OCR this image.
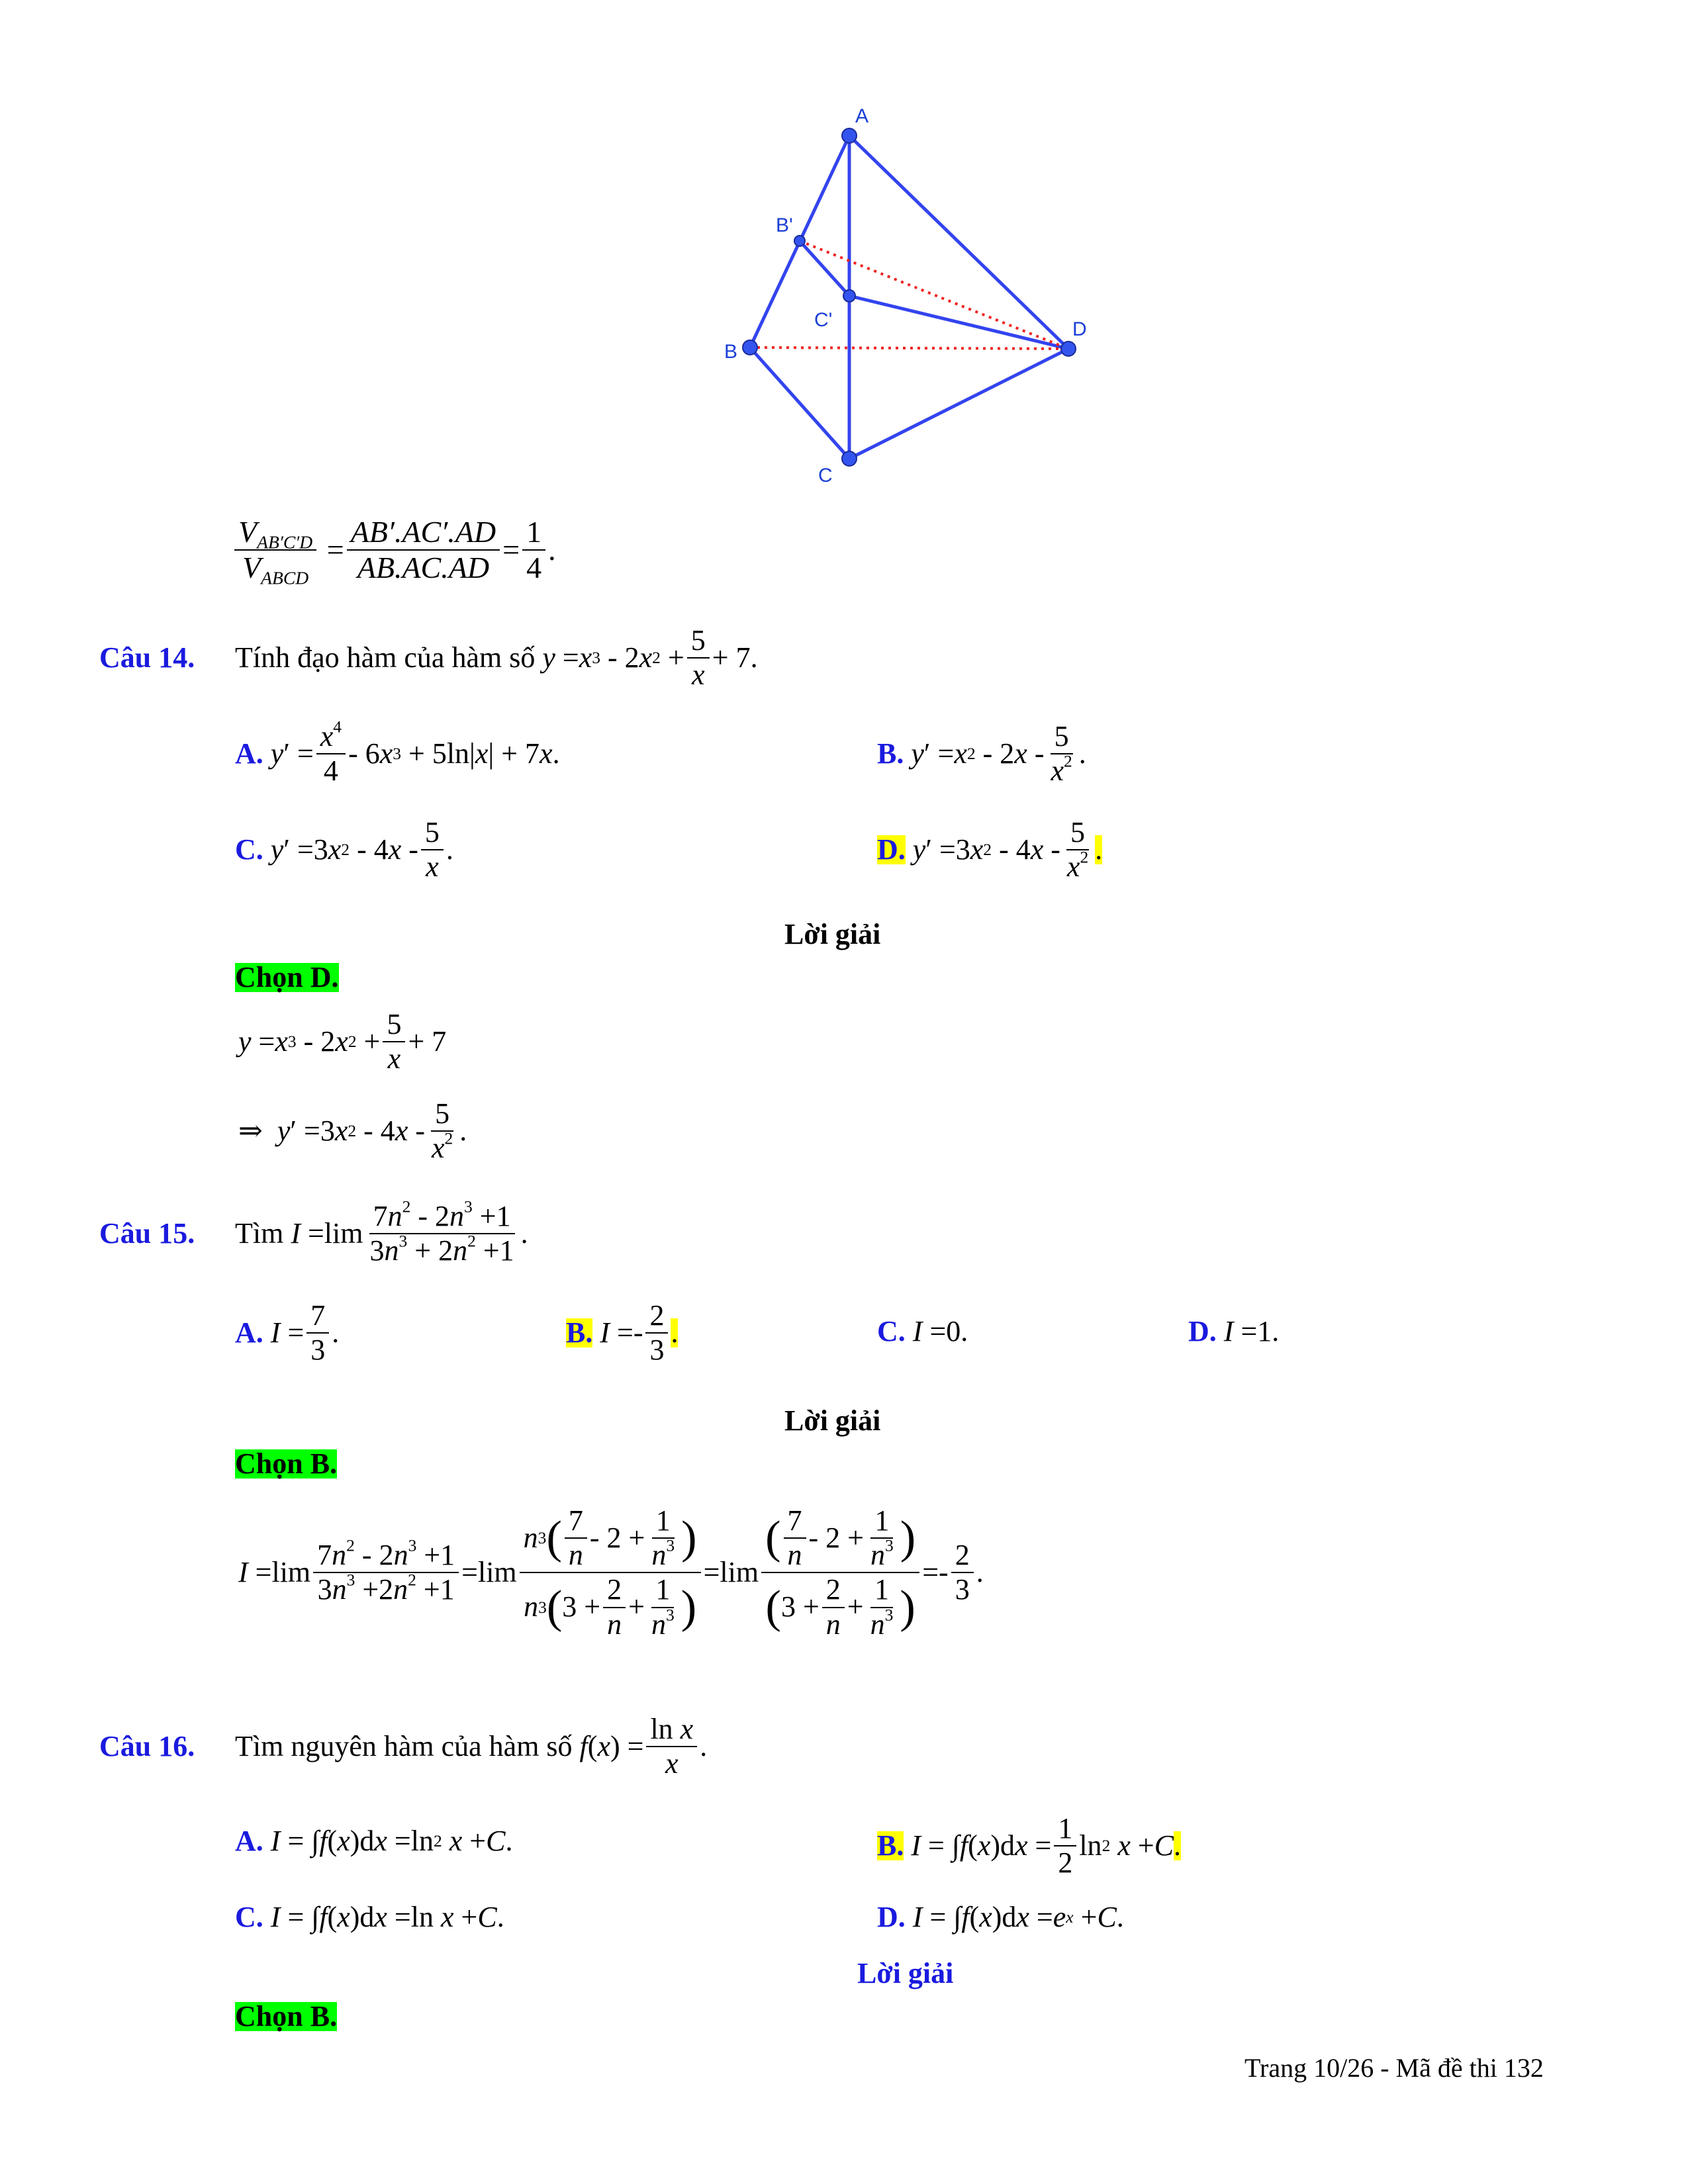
A
B'
C'	D
B
C
$\frac{V_{AB'C'D}}{V_{ABCD}} = \frac{AB'.AC'.AD}{AB.AC.AD} = \frac{1}{4}$ .
Câu 14.	Tính đạo hàm của hàm số
y = x 3 - 2 x $2 + \frac{5}{x} + 7$.
A.
y ′ = $\frac{x^4}{4} - 6$ x 3 + 5ln| x | + 7 x .	B.
y ′ = x 2 - 2 x - $\frac{5}{x^2}$ .
C.
y ′ =3 x 2 - 4 x - $\frac{5}{x}$ .	D.
y ′ =3 x 2 - 4 x - $\frac{5}{x^2}$ .
Lời giải
Chọn D.
y = x 3 - 2 x $2 + \frac{5}{x} + 7$
⇒ y ′ =3 x 2 - 4 x - $\frac{5}{x^2}$ .
Câu 15.	Tìm
$I =\lim \frac{7n^2 - 2n^3 +1}{3n^3 + 2n^2 +1}$ .
A.
$I = \frac{7}{3}$ .	B.
$I =- \frac{2}{3}$ .	C.
I =0.	D.
I =1.
Lời giải
Chọn B.
$I =\lim \frac{7n^2 - 2n^3 +1}{3n^3 +2n^2 +1} =\lim \frac{n 3 ( \frac{7}{n} - 2 + \frac{1}{n^3} )}{n 3 ( 3 + \frac{2}{n} + \frac{1}{n^3} )} =\lim \frac{( \frac{7}{n} - 2 + \frac{1}{n^3} )}{( 3 + \frac{2}{n} + \frac{1}{n^3} )} =- \frac{2}{3}$ .
Câu 16.	Tìm nguyên hàm của hàm số
f ( x ) = $\frac{\text{ln x}}{x}$ .
A.
I = ∫ f ( x )d x =ln 2
x + C .	B.
I = ∫ f ( x )d $x = \frac{1}{2}$ ln 2
x + C .
C.
I = ∫ f ( x )d x =ln x + C .	D.
I = ∫ f ( x )d x = e x + C .
Lời giải
Chọn B.
Trang 10/26 - Mã đề thi 132
